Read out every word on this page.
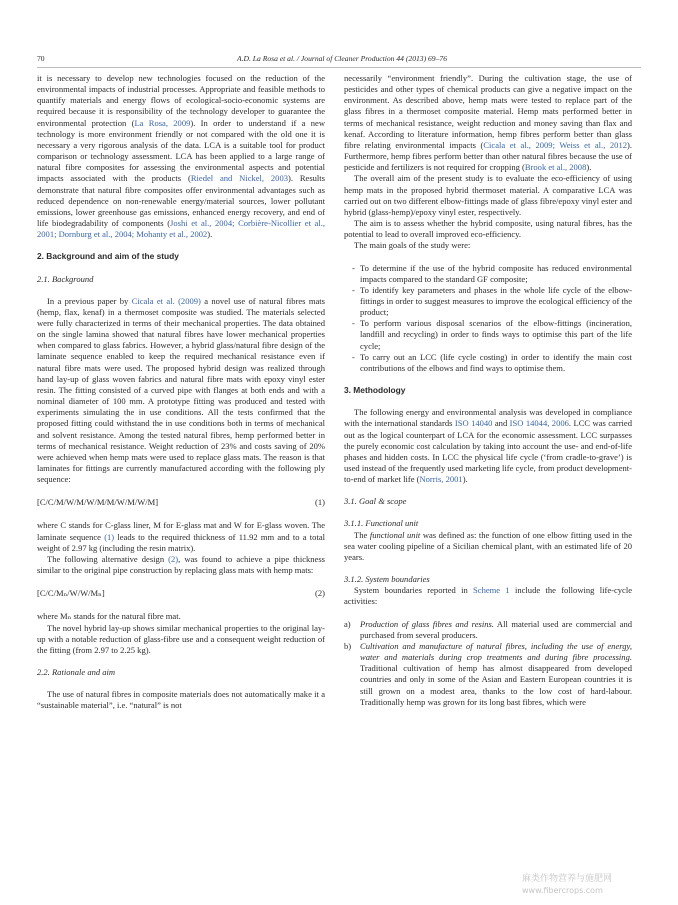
70	A.D. La Rosa et al. / Journal of Cleaner Production 44 (2013) 69–76

it is necessary to develop new technologies focused on the reduction of the environmental impacts of industrial processes. Appropriate and feasible methods to quantify materials and energy flows of ecological-socio-economic systems are required because it is responsibility of the technology developer to guarantee the environmental protection (La Rosa, 2009). In order to understand if a new technology is more environment friendly or not compared with the old one it is necessary a very rigorous analysis of the data. LCA is a suitable tool for product comparison or technology assessment. LCA has been applied to a large range of natural fibre composites for assessing the environmental aspects and potential impacts associated with the products (Riedel and Nickel, 2003). Results demonstrate that natural fibre composites offer environmental advantages such as reduced dependence on non-renewable energy/material sources, lower pollutant emissions, lower greenhouse gas emissions, enhanced energy recovery, and end of life biodegradability of components (Joshi et al., 2004; Corbière-Nicollier et al., 2001; Dornburg et al., 2004; Mohanty et al., 2002).

2. Background and aim of the study

2.1. Background

In a previous paper by Cicala et al. (2009) a novel use of natural fibres mats (hemp, flax, kenaf) in a thermoset composite was studied. The materials selected were fully characterized in terms of their mechanical properties. The data obtained on the single lamina showed that natural fibres have lower mechanical properties when compared to glass fabrics. However, a hybrid glass/natural fibre design of the laminate sequence enabled to keep the required mechanical resistance even if natural fibre mats were used. The proposed hybrid design was realized through hand lay-up of glass woven fabrics and natural fibre mats with epoxy vinyl ester resin. The fitting consisted of a curved pipe with flanges at both ends and with a nominal diameter of 100 mm. A prototype fitting was produced and tested with experiments simulating the in use conditions. All the tests confirmed that the proposed fitting could withstand the in use conditions both in terms of mechanical and solvent resistance. Among the tested natural fibres, hemp performed better in terms of mechanical resistance. Weight reduction of 23% and costs saving of 20% were achieved when hemp mats were used to replace glass mats. The reason is that laminates for fittings are currently manufactured according with the following ply sequence:

[C/C/M/W/M/W/M/M/W/M/W/M]	(1)

where C stands for C-glass liner, M for E-glass mat and W for E-glass woven. The laminate sequence (1) leads to the required thickness of 11.92 mm and to a total weight of 2.97 kg (including the resin matrix).

The following alternative design (2), was found to achieve a pipe thickness similar to the original pipe construction by replacing glass mats with hemp mats:

[C/C/Mₙ/W/W/Mₙ]	(2)

where Mₙ stands for the natural fibre mat.

The novel hybrid lay-up shows similar mechanical properties to the original lay-up with a notable reduction of glass-fibre use and a consequent weight reduction of the fitting (from 2.97 to 2.25 kg).

2.2. Rationale and aim

The use of natural fibres in composite materials does not automatically make it a “sustainable material”, i.e. “natural” is not

necessarily “environment friendly”. During the cultivation stage, the use of pesticides and other types of chemical products can give a negative impact on the environment. As described above, hemp mats were tested to replace part of the glass fibres in a thermoset composite material. Hemp mats performed better in terms of mechanical resistance, weight reduction and money saving than flax and kenaf. According to literature information, hemp fibres perform better than glass fibre relating environmental impacts (Cicala et al., 2009; Weiss et al., 2012). Furthermore, hemp fibres perform better than other natural fibres because the use of pesticide and fertilizers is not required for cropping (Brook et al., 2008).

The overall aim of the present study is to evaluate the eco-efficiency of using hemp mats in the proposed hybrid thermoset material. A comparative LCA was carried out on two different elbow-fittings made of glass fibre/epoxy vinyl ester and hybrid (glass-hemp)/epoxy vinyl ester, respectively.

The aim is to assess whether the hybrid composite, using natural fibres, has the potential to lead to overall improved eco-efficiency.

The main goals of the study were:

- To determine if the use of the hybrid composite has reduced environmental impacts compared to the standard GF composite;
- To identify key parameters and phases in the whole life cycle of the elbow-fittings in order to suggest measures to improve the ecological efficiency of the product;
- To perform various disposal scenarios of the elbow-fittings (incineration, landfill and recycling) in order to finds ways to optimise this part of the life cycle;
- To carry out an LCC (life cycle costing) in order to identify the main cost contributions of the elbows and find ways to optimise them.

3. Methodology

The following energy and environmental analysis was developed in compliance with the international standards ISO 14040 and ISO 14044, 2006. LCC was carried out as the logical counterpart of LCA for the economic assessment. LCC surpasses the purely economic cost calculation by taking into account the use- and end-of-life phases and hidden costs. In LCC the physical life cycle (‘from cradle-to-grave’) is used instead of the frequently used marketing life cycle, from product development-to-end of market life (Norris, 2001).

3.1. Goal & scope

3.1.1. Functional unit

The functional unit was defined as: the function of one elbow fitting used in the sea water cooling pipeline of a Sicilian chemical plant, with an estimated life of 20 years.

3.1.2. System boundaries

System boundaries reported in Scheme 1 include the following life-cycle activities:

a) Production of glass fibres and resins. All material used are commercial and purchased from several producers.
b) Cultivation and manufacture of natural fibres, including the use of energy, water and materials during crop treatments and during fibre processing. Traditional cultivation of hemp has almost disappeared from developed countries and only in some of the Asian and Eastern European countries it is still grown on a modest area, thanks to the low cost of hard-labour. Traditionally hemp was grown for its long bast fibres, which were
麻类作物营养与施肥网
www.fibercrops.com
